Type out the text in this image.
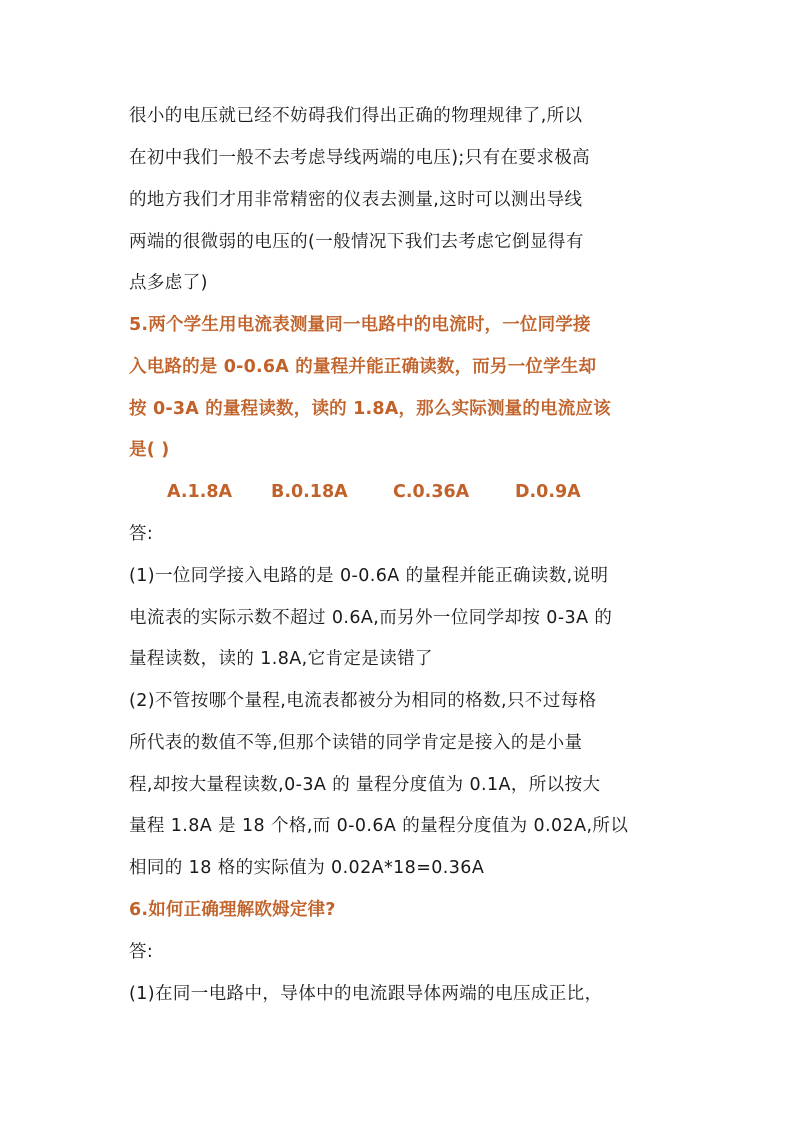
很小的电压就已经不妨碍我们得出正确的物理规律了,所以
在初中我们一般不去考虑导线两端的电压);只有在要求极高
的地方我们才用非常精密的仪表去测量,这时可以测出导线
两端的很微弱的电压的(一般情况下我们去考虑它倒显得有
点多虑了)
5.两个学生用电流表测量同一电路中的电流时，一位同学接
入电路的是 0-0.6A 的量程并能正确读数，而另一位学生却
按 0-3A 的量程读数，读的 1.8A，那么实际测量的电流应该
是( )
A.1.8A B.0.18A	C.0.36A	D.0.9A
答:
(1)一位同学接入电路的是 0-0.6A 的量程并能正确读数,说明
电流表的实际示数不超过 0.6A,而另外一位同学却按 0-3A 的
量程读数，读的 1.8A,它肯定是读错了
(2)不管按哪个量程,电流表都被分为相同的格数,只不过每格
所代表的数值不等,但那个读错的同学肯定是接入的是小量
程,却按大量程读数,0-3A 的 量程分度值为 0.1A，所以按大
量程 1.8A 是 18 个格,而 0-0.6A 的量程分度值为 0.02A,所以
相同的 18 格的实际值为 0.02A*18=0.36A
6.如何正确理解欧姆定律?
答:
(1)在同一电路中，导体中的电流跟导体两端的电压成正比，
